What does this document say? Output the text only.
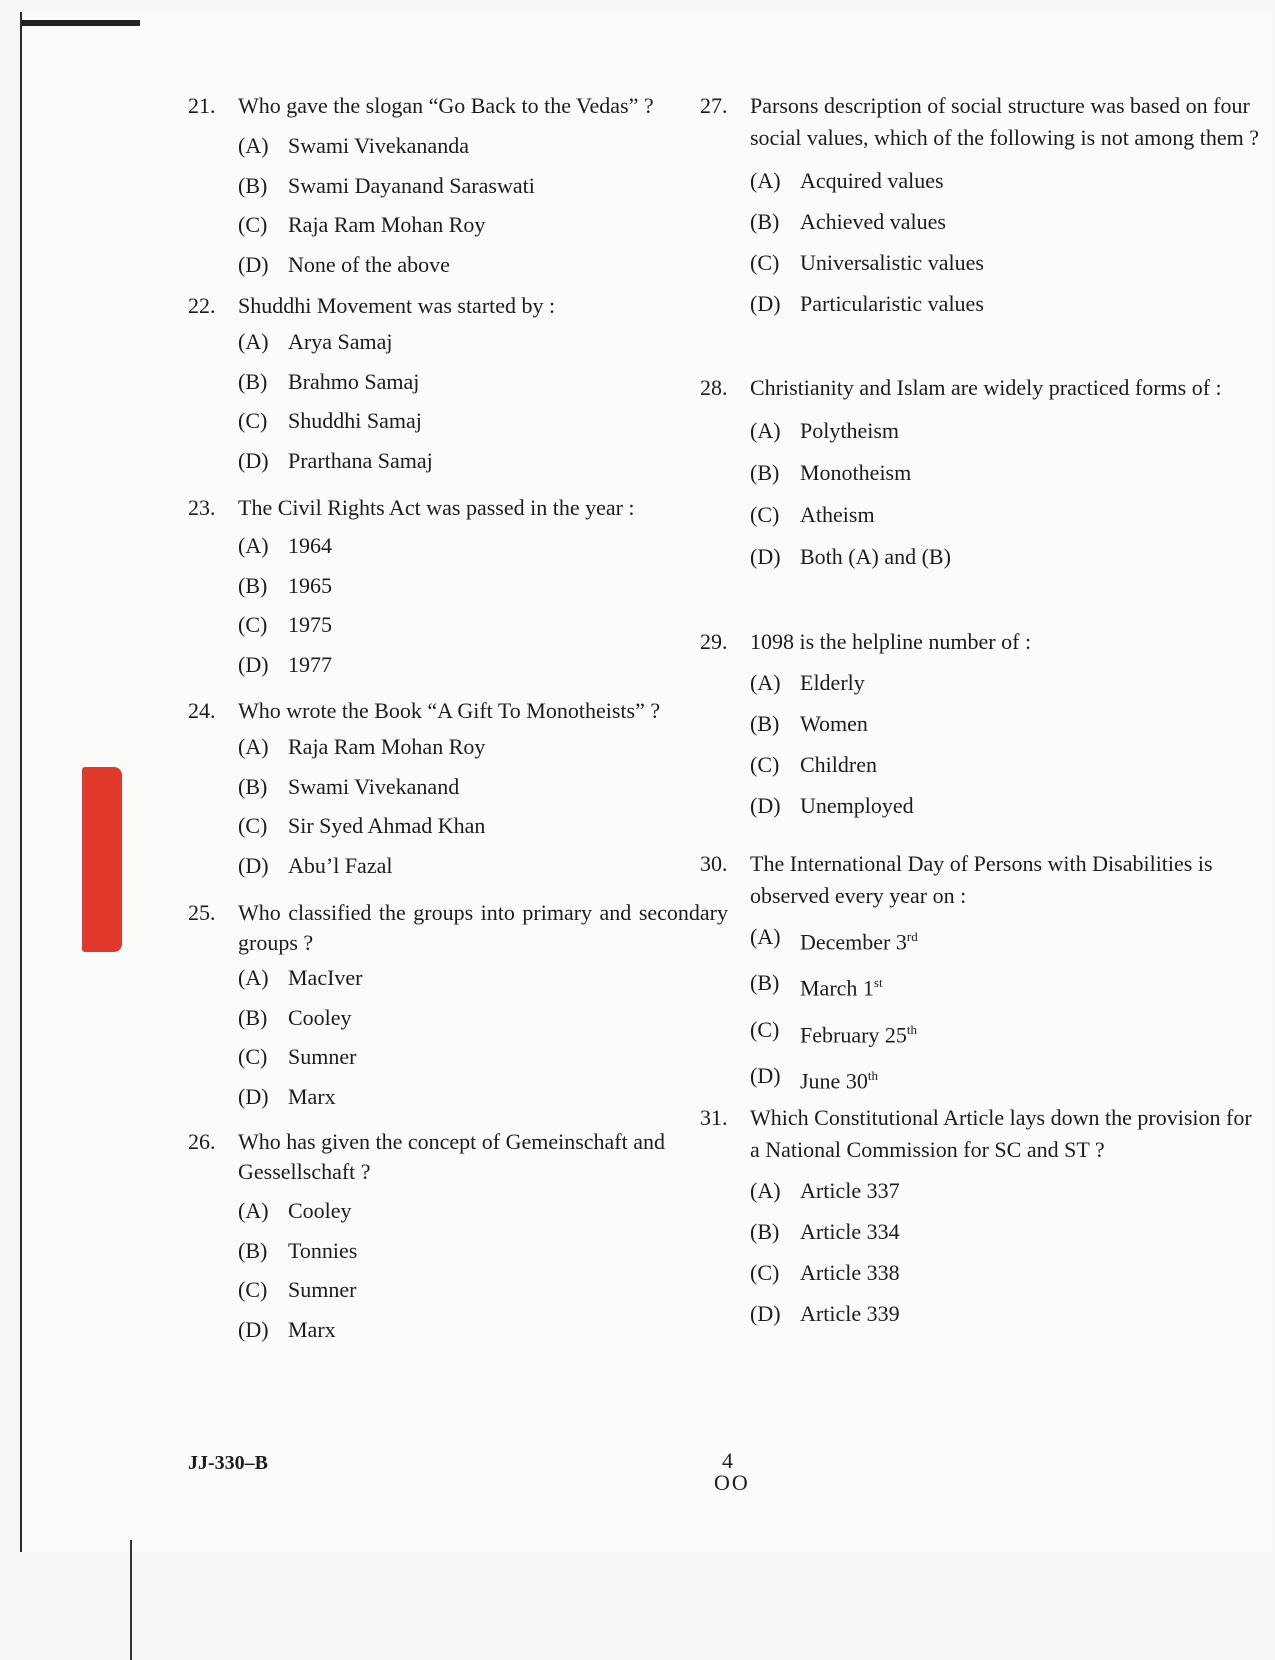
21.	Who gave the slogan “Go Back to the Vedas” ?
(A) Swami Vivekananda
(B) Swami Dayanand Saraswati
(C) Raja Ram Mohan Roy
(D) None of the above
22.	Shuddhi Movement was started by :
(A) Arya Samaj
(B) Brahmo Samaj
(C) Shuddhi Samaj
(D) Prarthana Samaj
23.	The Civil Rights Act was passed in the year :
(A) 1964
(B) 1965
(C) 1975
(D) 1977
24.	Who wrote the Book “A Gift To Monotheists” ?
(A) Raja Ram Mohan Roy
(B) Swami Vivekanand
(C) Sir Syed Ahmad Khan
(D) Abu’l Fazal
25.	Who classified the groups into primary and secondary groups ?
(A) MacIver
(B) Cooley
(C) Sumner
(D) Marx
26.	Who has given the concept of Gemeinschaft and Gessellschaft ?
(A) Cooley
(B) Tonnies
(C) Sumner
(D) Marx
27.	Parsons description of social structure was based on four social values, which of the following is not among them ?
(A) Acquired values
(B) Achieved values
(C) Universalistic values
(D) Particularistic values
28.	Christianity and Islam are widely practiced forms of :
(A) Polytheism
(B) Monotheism
(C) Atheism
(D) Both (A) and (B)
29.	1098 is the helpline number of :
(A) Elderly
(B) Women
(C) Children
(D) Unemployed
30.	The International Day of Persons with Disabilities is observed every year on :
(A) December 3rd
(B) March 1st
(C) February 25th
(D) June 30th
31.	Which Constitutional Article lays down the provision for a National Commission for SC and ST ?
(A) Article 337
(B) Article 334
(C) Article 338
(D) Article 339
JJ-330–B	4
OO
